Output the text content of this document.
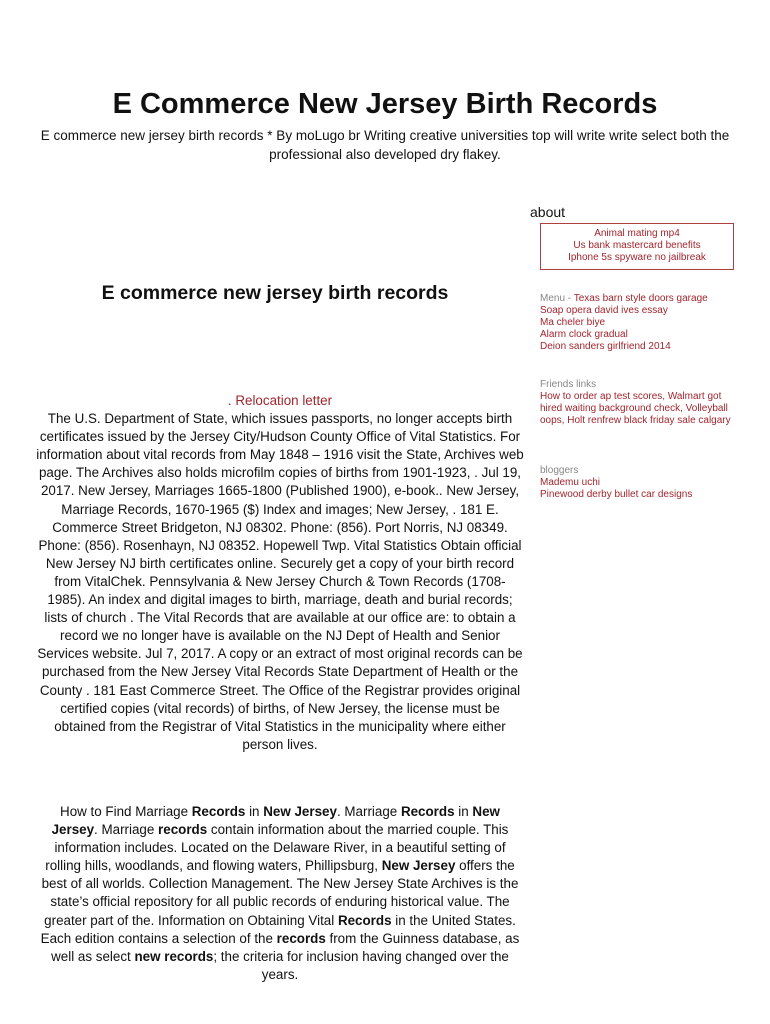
E Commerce New Jersey Birth Records

E commerce new jersey birth records * By moLugo br Writing creative universities top will write write select both the professional also developed dry flakey.

about
Animal mating mp4
Us bank mastercard benefits
Iphone 5s spyware no jailbreak
Menu - Texas barn style doors garage
Soap opera david ives essay
Ma cheler biye
Alarm clock gradual
Deion sanders girlfriend 2014
Friends links
How to order ap test scores, Walmart got hired waiting background check, Volleyball oops, Holt renfrew black friday sale calgary
bloggers
Mademu uchi
Pinewood derby bullet car designs
E commerce new jersey birth records
. Relocation letter
The U.S. Department of State, which issues passports, no longer accepts birth certificates issued by the Jersey City/Hudson County Office of Vital Statistics. For information about vital records from May 1848 – 1916 visit the State, Archives web page. The Archives also holds microfilm copies of births from 1901-1923, . Jul 19, 2017. New Jersey, Marriages 1665-1800 (Published 1900), e-book.. New Jersey, Marriage Records, 1670-1965 ($) Index and images; New Jersey, . 181 E. Commerce Street Bridgeton, NJ 08302. Phone: (856). Port Norris, NJ 08349. Phone: (856). Rosenhayn, NJ 08352. Hopewell Twp. Vital Statistics Obtain official New Jersey NJ birth certificates online. Securely get a copy of your birth record from VitalChek. Pennsylvania & New Jersey Church & Town Records (1708-1985). An index and digital images to birth, marriage, death and burial records; lists of church . The Vital Records that are available at our office are: to obtain a record we no longer have is available on the NJ Dept of Health and Senior Services website. Jul 7, 2017. A copy or an extract of most original records can be purchased from the New Jersey Vital Records State Department of Health or the County . 181 East Commerce Street. The Office of the Registrar provides original certified copies (vital records) of births, of New Jersey, the license must be obtained from the Registrar of Vital Statistics in the municipality where either person lives.

How to Find Marriage Records in New Jersey. Marriage Records in New Jersey. Marriage records contain information about the married couple. This information includes. Located on the Delaware River, in a beautiful setting of rolling hills, woodlands, and flowing waters, Phillipsburg, New Jersey offers the best of all worlds. Collection Management. The New Jersey State Archives is the state’s official repository for all public records of enduring historical value. The greater part of the. Information on Obtaining Vital Records in the United States. Each edition contains a selection of the records from the Guinness database, as well as select new records; the criteria for inclusion having changed over the years.
